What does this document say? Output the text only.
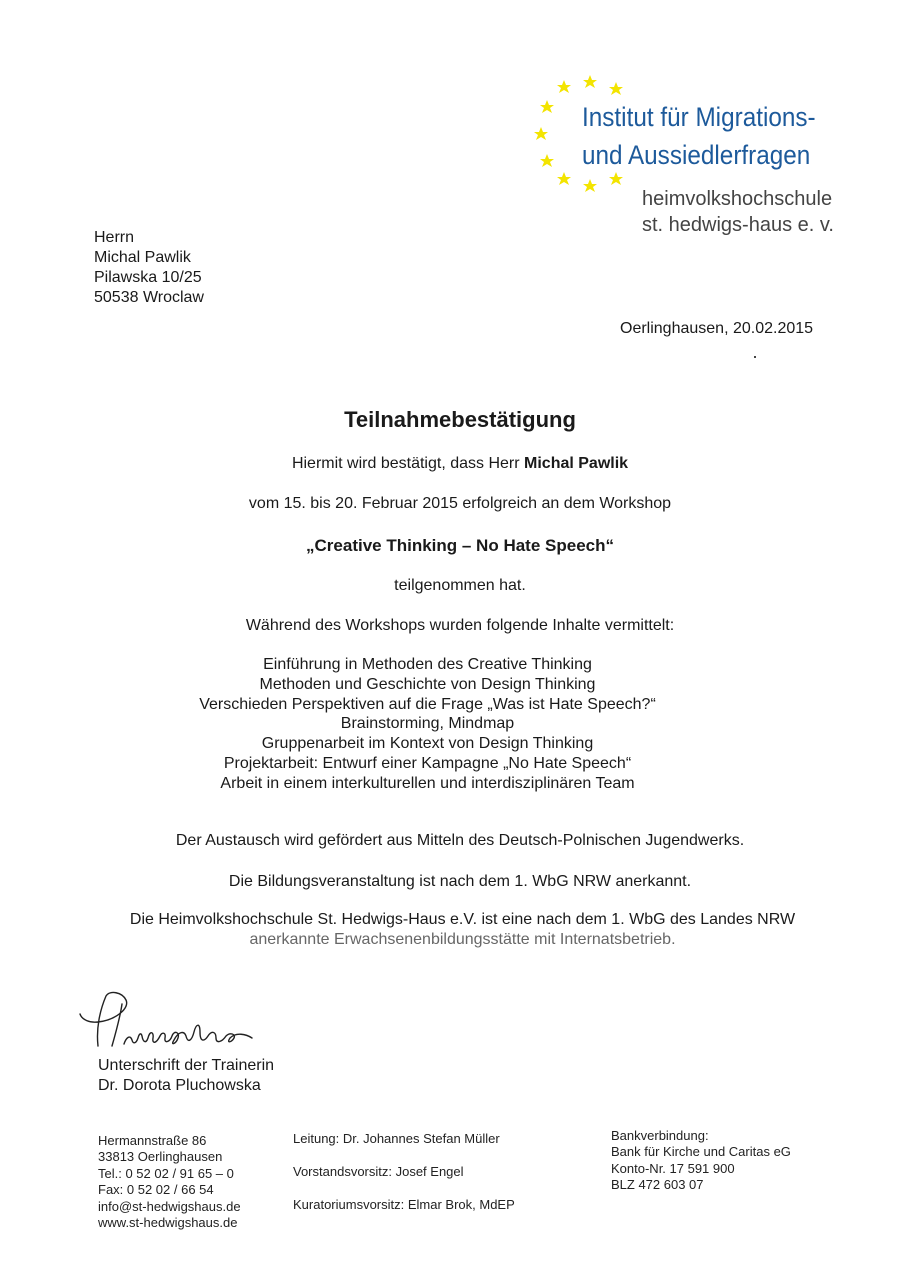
Institut für Migrations-
und Aussiedlerfragen
heimvolkshochschule
st. hedwigs-haus e. v.
Herrn
Michal Pawlik
Pilawska 10/25
50538 Wroclaw
Oerlinghausen, 20.02.2015
Teilnahmebestätigung
Hiermit wird bestätigt, dass Herr Michal Pawlik
vom 15. bis 20. Februar 2015 erfolgreich an dem Workshop
„Creative Thinking – No Hate Speech“
teilgenommen hat.
Während des Workshops wurden folgende Inhalte vermittelt:
Einführung in Methoden des Creative Thinking
Methoden und Geschichte von Design Thinking
Verschieden Perspektiven auf die Frage „Was ist Hate Speech?“
Brainstorming, Mindmap
Gruppenarbeit im Kontext von Design Thinking
Projektarbeit: Entwurf einer Kampagne „No Hate Speech“
Arbeit in einem interkulturellen und interdisziplinären Team
Der Austausch wird gefördert aus Mitteln des Deutsch-Polnischen Jugendwerks.
Die Bildungsveranstaltung ist nach dem 1. WbG NRW anerkannt.
Die Heimvolkshochschule St. Hedwigs-Haus e.V. ist eine nach dem 1. WbG des Landes NRW
anerkannte Erwachsenenbildungsstätte mit Internatsbetrieb.
Unterschrift der Trainerin
Dr. Dorota Pluchowska
Hermannstraße 86
33813 Oerlinghausen
Tel.: 0 52 02 / 91 65 – 0
Fax: 0 52 02 / 66 54
info@st-hedwigshaus.de
www.st-hedwigshaus.de
Leitung: Dr. Johannes Stefan Müller
Vorstandsvorsitz: Josef Engel
Kuratoriumsvorsitz: Elmar Brok, MdEP
Bankverbindung:
Bank für Kirche und Caritas eG
Konto-Nr. 17 591 900
BLZ 472 603 07
